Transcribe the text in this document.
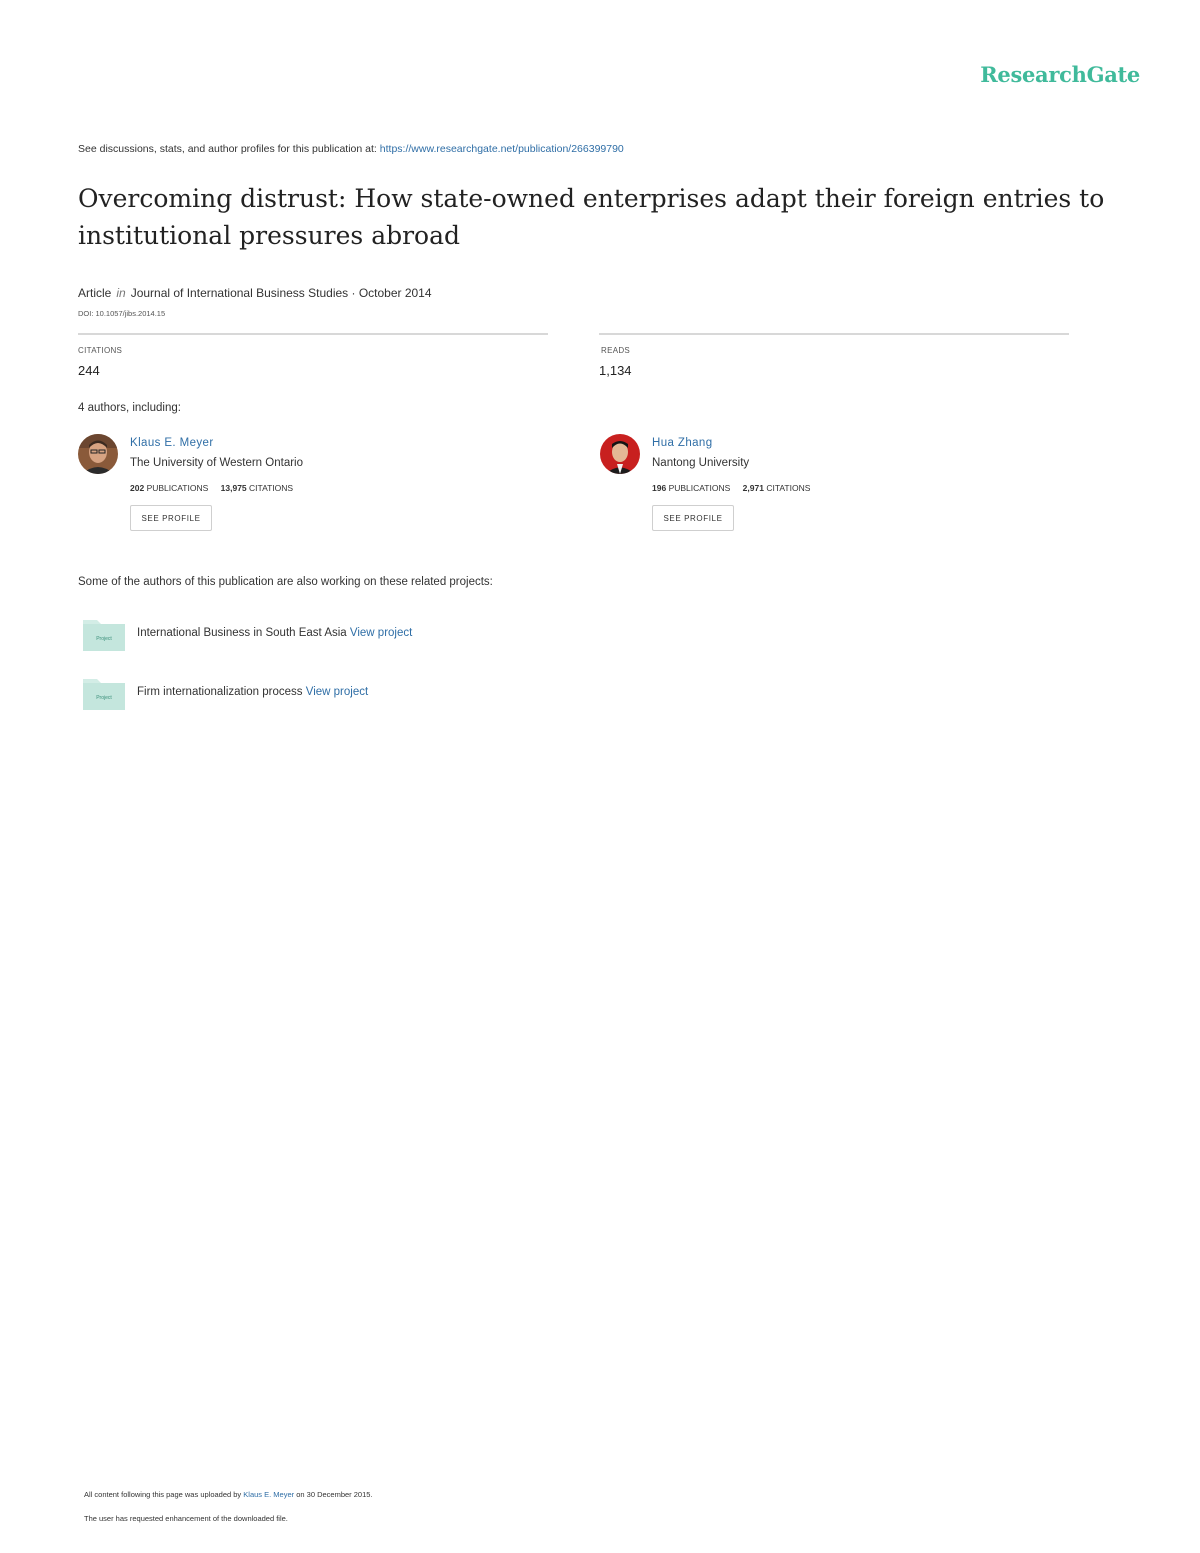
ResearchGate
See discussions, stats, and author profiles for this publication at: https://www.researchgate.net/publication/266399790
Overcoming distrust: How state-owned enterprises adapt their foreign entries to institutional pressures abroad
Article in Journal of International Business Studies · October 2014
DOI: 10.1057/jibs.2014.15
CITATIONS
244
READS
1,134
4 authors, including:
Klaus E. Meyer
The University of Western Ontario
202 PUBLICATIONS 13,975 CITATIONS
SEE PROFILE
Hua Zhang
Nantong University
196 PUBLICATIONS 2,971 CITATIONS
SEE PROFILE
Some of the authors of this publication are also working on these related projects:
Project International Business in South East Asia View project
Project Firm internationalization process View project
All content following this page was uploaded by Klaus E. Meyer on 30 December 2015.
The user has requested enhancement of the downloaded file.
